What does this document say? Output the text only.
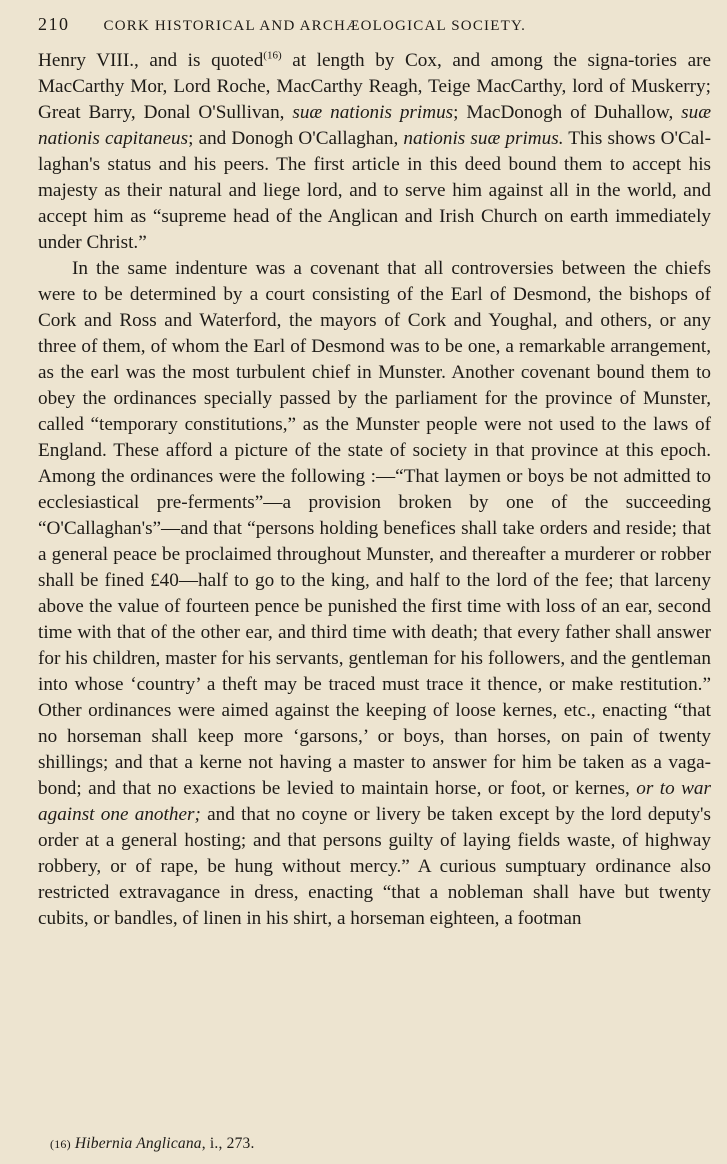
210 CORK HISTORICAL AND ARCHÆOLOGICAL SOCIETY.

Henry VIII., and is quoted$^{(16)}$ at length by Cox, and among the signa-tories are MacCarthy Mor, Lord Roche, MacCarthy Reagh, Teige MacCarthy, lord of Muskerry; Great Barry, Donal O'Sullivan, suæ nationis primus; MacDonogh of Duhallow, suæ nationis capitaneus; and Donogh O'Callaghan, nationis suæ primus. This shows O'Cal-laghan's status and his peers. The first article in this deed bound them to accept his majesty as their natural and liege lord, and to serve him against all in the world, and accept him as “supreme head of the Anglican and Irish Church on earth immediately under Christ.”

In the same indenture was a covenant that all controversies between the chiefs were to be determined by a court consisting of the Earl of Desmond, the bishops of Cork and Ross and Waterford, the mayors of Cork and Youghal, and others, or any three of them, of whom the Earl of Desmond was to be one, a remarkable arrangement, as the earl was the most turbulent chief in Munster. Another covenant bound them to obey the ordinances specially passed by the parliament for the province of Munster, called “temporary constitutions,” as the Munster people were not used to the laws of England. These afford a picture of the state of society in that province at this epoch. Among the ordinances were the following :—“That laymen or boys be not admitted to ecclesiastical pre-ferments”—a provision broken by one of the succeeding “O'Callaghan's”—and that “persons holding benefices shall take orders and reside; that a general peace be proclaimed throughout Munster, and thereafter a murderer or robber shall be fined £40—half to go to the king, and half to the lord of the fee; that larceny above the value of fourteen pence be punished the first time with loss of an ear, second time with that of the other ear, and third time with death; that every father shall answer for his children, master for his servants, gentleman for his followers, and the gentleman into whose ‘country’ a theft may be traced must trace it thence, or make restitution.” Other ordinances were aimed against the keeping of loose kernes, etc., enacting “that no horseman shall keep more ‘garsons,’ or boys, than horses, on pain of twenty shillings; and that a kerne not having a master to answer for him be taken as a vaga-bond; and that no exactions be levied to maintain horse, or foot, or kernes, or to war against one another; and that no coyne or livery be taken except by the lord deputy's order at a general hosting; and that persons guilty of laying fields waste, of highway robbery, or of rape, be hung without mercy.” A curious sumptuary ordinance also restricted extravagance in dress, enacting “that a nobleman shall have but twenty cubits, or bandles, of linen in his shirt, a horseman eighteen, a footman

(16) Hibernia Anglicana, i., 273.
